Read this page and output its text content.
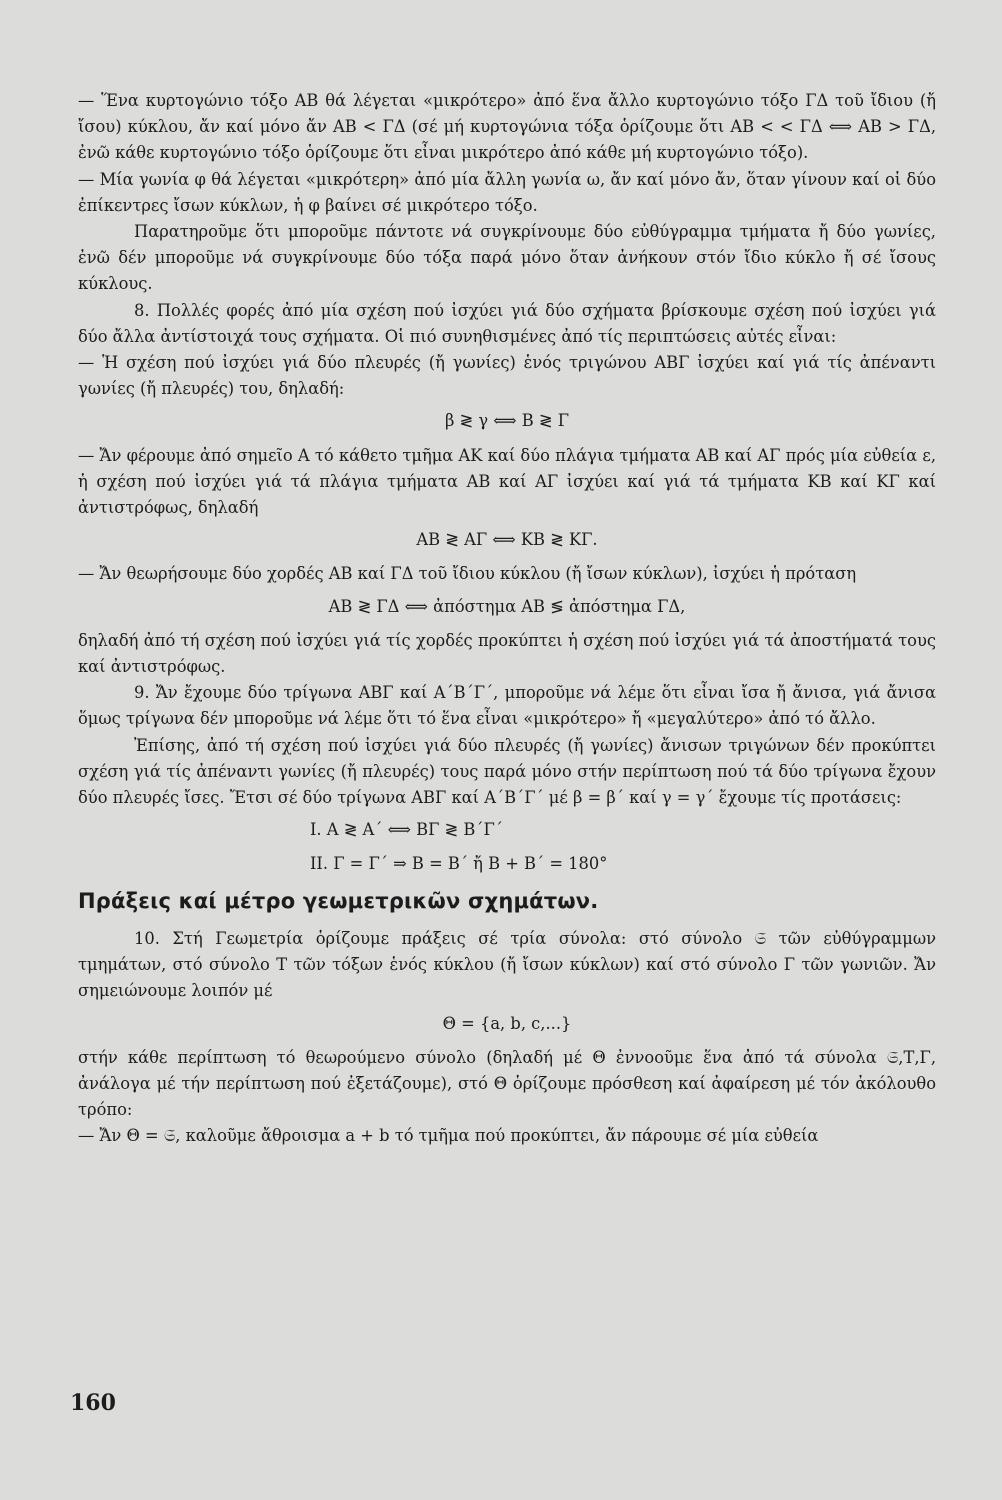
— Ἕνα κυρτογώνιο τόξο ΑΒ θά λέγεται «μικρότερο» ἀπό ἕνα ἄλλο κυρτογώνιο τόξο ΓΔ τοῦ ἴδιου (ἤ ἴσου) κύκλου, ἄν καί μόνο ἄν ΑΒ < ΓΔ (σέ μή κυρτογώνια τόξα ὁρίζουμε ὅτι ΑΒ < < ΓΔ ⟺ ΑΒ > ΓΔ, ἐνῶ κάθε κυρτογώνιο τόξο ὁρίζουμε ὅτι εἶναι μικρότερο ἀπό κάθε μή κυρτογώνιο τόξο).

— Μία γωνία φ θά λέγεται «μικρότερη» ἀπό μία ἄλλη γωνία ω, ἄν καί μόνο ἄν, ὅταν γίνουν καί οἱ δύο ἐπίκεντρες ἴσων κύκλων, ἡ φ βαίνει σέ μικρότερο τόξο.

Παρατηροῦμε ὅτι μποροῦμε πάντοτε νά συγκρίνουμε δύο εὐθύγραμμα τμήματα ἤ δύο γωνίες, ἐνῶ δέν μποροῦμε νά συγκρίνουμε δύο τόξα παρά μόνο ὅταν ἀνήκουν στόν ἴδιο κύκλο ἤ σέ ἴσους κύκλους.

8. Πολλές φορές ἀπό μία σχέση πού ἰσχύει γιά δύο σχήματα βρίσκουμε σχέση πού ἰσχύει γιά δύο ἄλλα ἀντίστοιχά τους σχήματα. Οἱ πιό συνηθισμένες ἀπό τίς περιπτώσεις αὐτές εἶναι:

— Ἡ σχέση πού ἰσχύει γιά δύο πλευρές (ἤ γωνίες) ἑνός τριγώνου ΑΒΓ ἰσχύει καί γιά τίς ἀπέναντι γωνίες (ἤ πλευρές) του, δηλαδή:

β ≷ γ ⟺ Β ≷ Γ

— Ἄν φέρουμε ἀπό σημεῖο Α τό κάθετο τμῆμα ΑΚ καί δύο πλάγια τμήματα ΑΒ καί ΑΓ πρός μία εὐθεία ε, ἡ σχέση πού ἰσχύει γιά τά πλάγια τμήματα ΑΒ καί ΑΓ ἰσχύει καί γιά τά τμήματα ΚΒ καί ΚΓ καί ἀντιστρόφως, δηλαδή

ΑΒ ≷ ΑΓ ⟺ ΚΒ ≷ ΚΓ.

— Ἄν θεωρήσουμε δύο χορδές ΑΒ καί ΓΔ τοῦ ἴδιου κύκλου (ἤ ἴσων κύκλων), ἰσχύει ἡ πρόταση

ΑΒ ≷ ΓΔ ⟺ ἀπόστημα ΑΒ ≶ ἀπόστημα ΓΔ,

δηλαδή ἀπό τή σχέση πού ἰσχύει γιά τίς χορδές προκύπτει ἡ σχέση πού ἰσχύει γιά τά ἀποστήματά τους καί ἀντιστρόφως.

9. Ἄν ἔχουμε δύο τρίγωνα ΑΒΓ καί Α΄Β΄Γ΄, μποροῦμε νά λέμε ὅτι εἶναι ἴσα ἤ ἄνισα, γιά ἄνισα ὅμως τρίγωνα δέν μποροῦμε νά λέμε ὅτι τό ἕνα εἶναι «μικρότερο» ἤ «μεγαλύτερο» ἀπό τό ἄλλο.

Ἐπίσης, ἀπό τή σχέση πού ἰσχύει γιά δύο πλευρές (ἤ γωνίες) ἄνισων τριγώνων δέν προκύπτει σχέση γιά τίς ἀπέναντι γωνίες (ἤ πλευρές) τους παρά μόνο στήν περίπτωση πού τά δύο τρίγωνα ἔχουν δύο πλευρές ἴσες. Ἔτσι σέ δύο τρίγωνα ΑΒΓ καί Α΄Β΄Γ΄ μέ β = β΄ καί γ = γ΄ ἔχουμε τίς προτάσεις:

I. Α ≷ Α΄ ⟺ ΒΓ ≷ Β΄Γ΄
II. Γ = Γ΄ ⇒ Β = Β΄ ἤ Β + Β΄ = 180°
Πράξεις καί μέτρο γεωμετρικῶν σχημάτων.

10. Στή Γεωμετρία ὁρίζουμε πράξεις σέ τρία σύνολα: στό σύνολο 𝔖 τῶν εὐθύγραμμων τμημάτων, στό σύνολο Τ τῶν τόξων ἑνός κύκλου (ἤ ἴσων κύκλων) καί στό σύνολο Γ τῶν γωνιῶν. Ἄν σημειώνουμε λοιπόν μέ

Θ = {a, b, c,...}

στήν κάθε περίπτωση τό θεωρούμενο σύνολο (δηλαδή μέ Θ ἐννοοῦμε ἕνα ἀπό τά σύνολα 𝔖,Τ,Γ, ἀνάλογα μέ τήν περίπτωση πού ἐξετάζουμε), στό Θ ὁρίζουμε πρόσθεση καί ἀφαίρεση μέ τόν ἀκόλουθο τρόπο:

— Ἄν Θ = 𝔖, καλοῦμε ἄθροισμα a + b τό τμῆμα πού προκύπτει, ἄν πάρουμε σέ μία εὐθεία

160
